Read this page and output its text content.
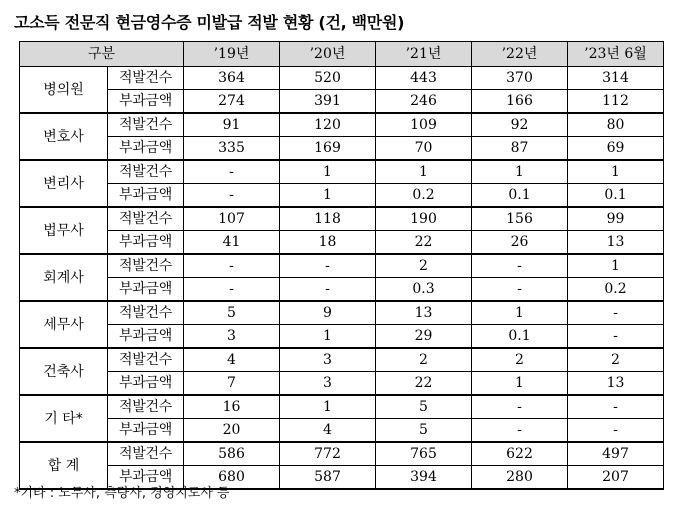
고소득 전문직 현금영수증 미발급 적발 현황 (건, 백만원)
구분		’19년	’20년	’21년	’22년	’23년 6월
병의원	적발건수	364	520	443	370	314
	부과금액	274	391	246	166	112
변호사	적발건수	91	120	109	92	80
	부과금액	335	169	70	87	69
변리사	적발건수	-	1	1	1	1
	부과금액	-	1	0.2	0.1	0.1
법무사	적발건수	107	118	190	156	99
	부과금액	41	18	22	26	13
회계사	적발건수	-	-	2	-	1
	부과금액	-	-	0.3	-	0.2
세무사	적발건수	5	9	13	1	-
	부과금액	3	1	29	0.1	-
건축사	적발건수	4	3	2	2	2
	부과금액	7	3	22	1	13
기 타*	적발건수	16	1	5	-	-
	부과금액	20	4	5	-	-
합 계	적발건수	586	772	765	622	497
	부과금액	680	587	394	280	207
*기타 : 노무사, 측량사, 경영지도사 등
